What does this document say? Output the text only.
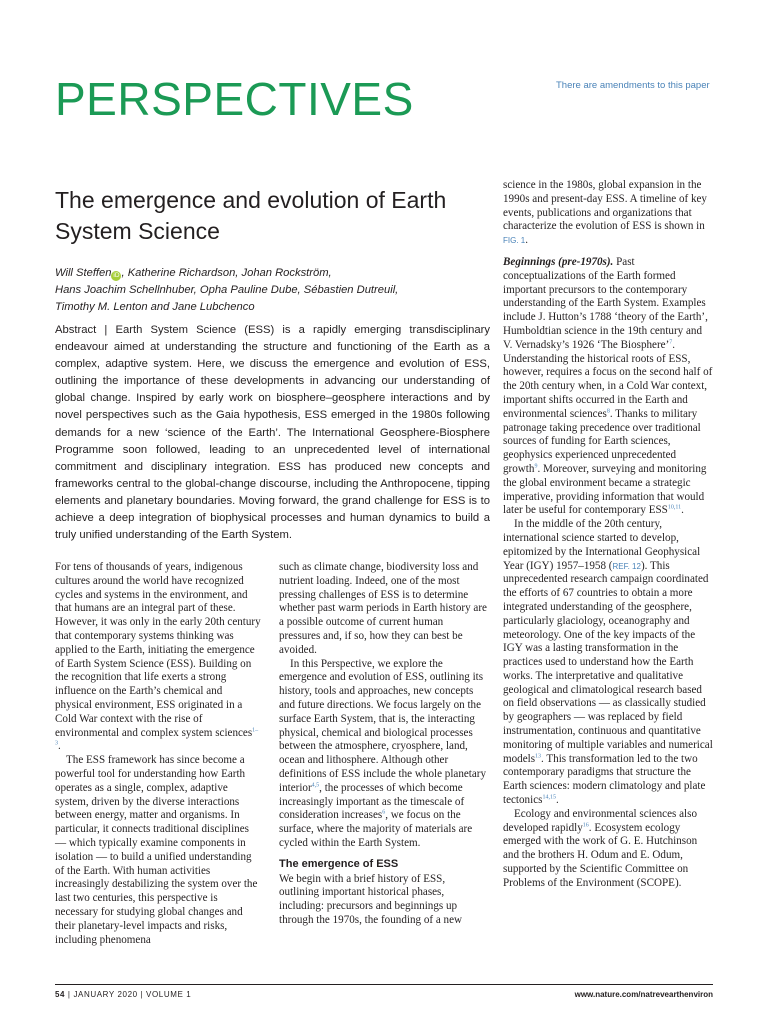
PERSPECTIVES	There are amendments to this paper
The emergence and evolution of Earth System Science
Will Steffen iD , Katherine Richardson, Johan Rockström,
Hans Joachim Schellnhuber, Opha Pauline Dube, Sébastien Dutreuil,
Timothy M. Lenton and Jane Lubchenco
Abstract | Earth System Science (ESS) is a rapidly emerging transdisciplinary endeavour aimed at understanding the structure and functioning of the Earth as a complex, adaptive system. Here, we discuss the emergence and evolution of ESS, outlining the importance of these developments in advancing our understanding of global change. Inspired by early work on biosphere–geosphere interactions and by novel perspectives such as the Gaia hypothesis, ESS emerged in the 1980s following demands for a new ‘science of the Earth’. The International Geosphere-Biosphere Programme soon followed, leading to an unprecedented level of international commitment and disciplinary integration. ESS has produced new concepts and frameworks central to the global-change discourse, including the Anthropocene, tipping elements and planetary boundaries. Moving forward, the grand challenge for ESS is to achieve a deep integration of biophysical processes and human dynamics to build a truly unified understanding of the Earth System.

For tens of thousands of years, indigenous cultures around the world have recognized cycles and systems in the environment, and that humans are an integral part of these. However, it was only in the early 20th century that contemporary systems thinking was applied to the Earth, initiating the emergence of Earth System Science (ESS). Building on the recognition that life exerts a strong influence on the Earth’s chemical and physical environment, ESS originated in a Cold War context with the rise of environmental and complex system sciences$^{1-3}$.

The ESS framework has since become a powerful tool for understanding how Earth operates as a single, complex, adaptive system, driven by the diverse interactions between energy, matter and organisms. In particular, it connects traditional disciplines — which typically examine components in isolation — to build a unified understanding of the Earth. With human activities increasingly destabilizing the system over the last two centuries, this perspective is necessary for studying global changes and their planetary-level impacts and risks, including phenomena

such as climate change, biodiversity loss and nutrient loading. Indeed, one of the most pressing challenges of ESS is to determine whether past warm periods in Earth history are a possible outcome of current human pressures and, if so, how they can best be avoided.

In this Perspective, we explore the emergence and evolution of ESS, outlining its history, tools and approaches, new concepts and future directions. We focus largely on the surface Earth System, that is, the interacting physical, chemical and biological processes between the atmosphere, cryosphere, land, ocean and lithosphere. Although other definitions of ESS include the whole planetary interior$^{4,5}$, the processes of which become increasingly important as the timescale of consideration increases$^6$, we focus on the surface, where the majority of materials are cycled within the Earth System.

The emergence of ESS

We begin with a brief history of ESS, outlining important historical phases, including: precursors and beginnings up through the 1970s, the founding of a new

science in the 1980s, global expansion in the 1990s and present-day ESS. A timeline of key events, publications and organizations that characterize the evolution of ESS is shown in FIG. 1.

Beginnings (pre-1970s). Past conceptualizations of the Earth formed important precursors to the contemporary understanding of the Earth System. Examples include J. Hutton’s 1788 ‘theory of the Earth’, Humboldtian science in the 19th century and V. Vernadsky’s 1926 ‘The Biosphere’$^7$. Understanding the historical roots of ESS, however, requires a focus on the second half of the 20th century when, in a Cold War context, important shifts occurred in the Earth and environmental sciences$^8$. Thanks to military patronage taking precedence over traditional sources of funding for Earth sciences, geophysics experienced unprecedented growth$^9$. Moreover, surveying and monitoring the global environment became a strategic imperative, providing information that would later be useful for contemporary ESS$^{10,11}$.

In the middle of the 20th century, international science started to develop, epitomized by the International Geophysical Year (IGY) 1957–1958 (REF. 12). This unprecedented research campaign coordinated the efforts of 67 countries to obtain a more integrated understanding of the geosphere, particularly glaciology, oceanography and meteorology. One of the key impacts of the IGY was a lasting transformation in the practices used to understand how the Earth works. The interpretative and qualitative geological and climatological research based on field observations — as classically studied by geographers — was replaced by field instrumentation, continuous and quantitative monitoring of multiple variables and numerical models$^{13}$. This transformation led to the two contemporary paradigms that structure the Earth sciences: modern climatology and plate tectonics$^{14,15}$.

Ecology and environmental sciences also developed rapidly$^{16}$. Ecosystem ecology emerged with the work of G. E. Hutchinson and the brothers H. Odum and E. Odum, supported by the Scientific Committee on Problems of the Environment (SCOPE).

54 | JANUARY 2020 | VOLUME 1	www.nature.com/natrevearthenviron
